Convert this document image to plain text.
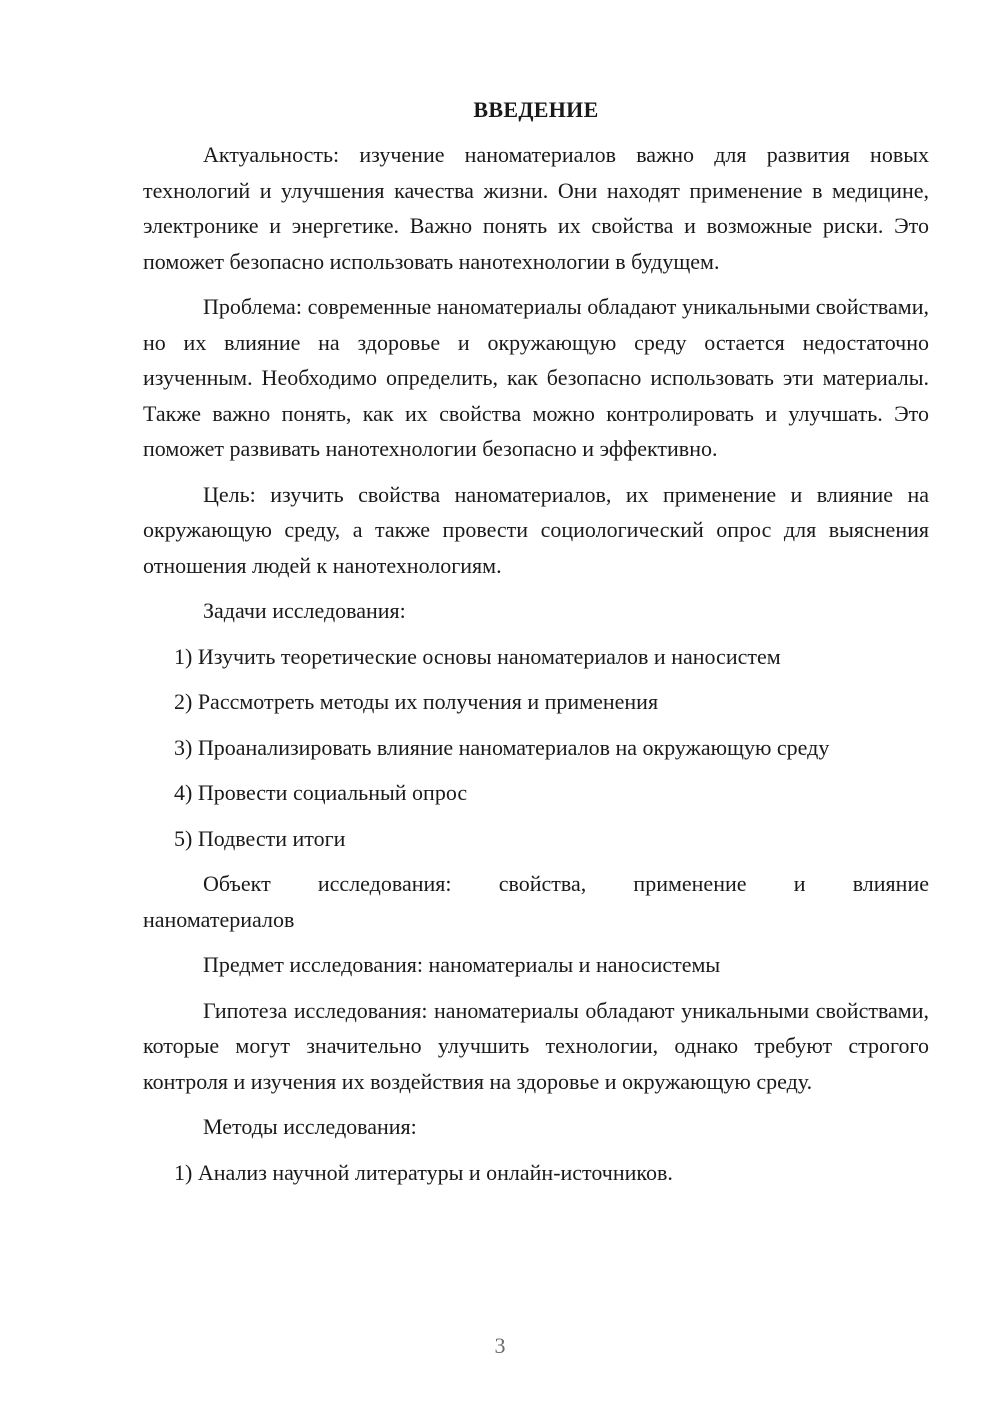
ВВЕДЕНИЕ

Актуальность: изучение наноматериалов важно для развития новых технологий и улучшения качества жизни. Они находят применение в медицине, электронике и энергетике. Важно понять их свойства и возможные риски. Это поможет безопасно использовать нанотехнологии в будущем.

Проблема: современные наноматериалы обладают уникальными свойствами, но их влияние на здоровье и окружающую среду остается недостаточно изученным. Необходимо определить, как безопасно использовать эти материалы. Также важно понять, как их свойства можно контролировать и улучшать. Это поможет развивать нанотехнологии безопасно и эффективно.

Цель: изучить свойства наноматериалов, их применение и влияние на окружающую среду, а также провести социологический опрос для выяснения отношения людей к нанотехнологиям.

Задачи исследования:

1) Изучить теоретические основы наноматериалов и наносистем
2) Рассмотреть методы их получения и применения
3) Проанализировать влияние наноматериалов на окружающую среду
4) Провести социальный опрос
5) Подвести итоги
Объект исследования: свойства, применение и влияние
наноматериалов

Предмет исследования: наноматериалы и наносистемы

Гипотеза исследования: наноматериалы обладают уникальными свойствами, которые могут значительно улучшить технологии, однако требуют строгого контроля и изучения их воздействия на здоровье и окружающую среду.

Методы исследования:

1) Анализ научной литературы и онлайн-источников.
3
